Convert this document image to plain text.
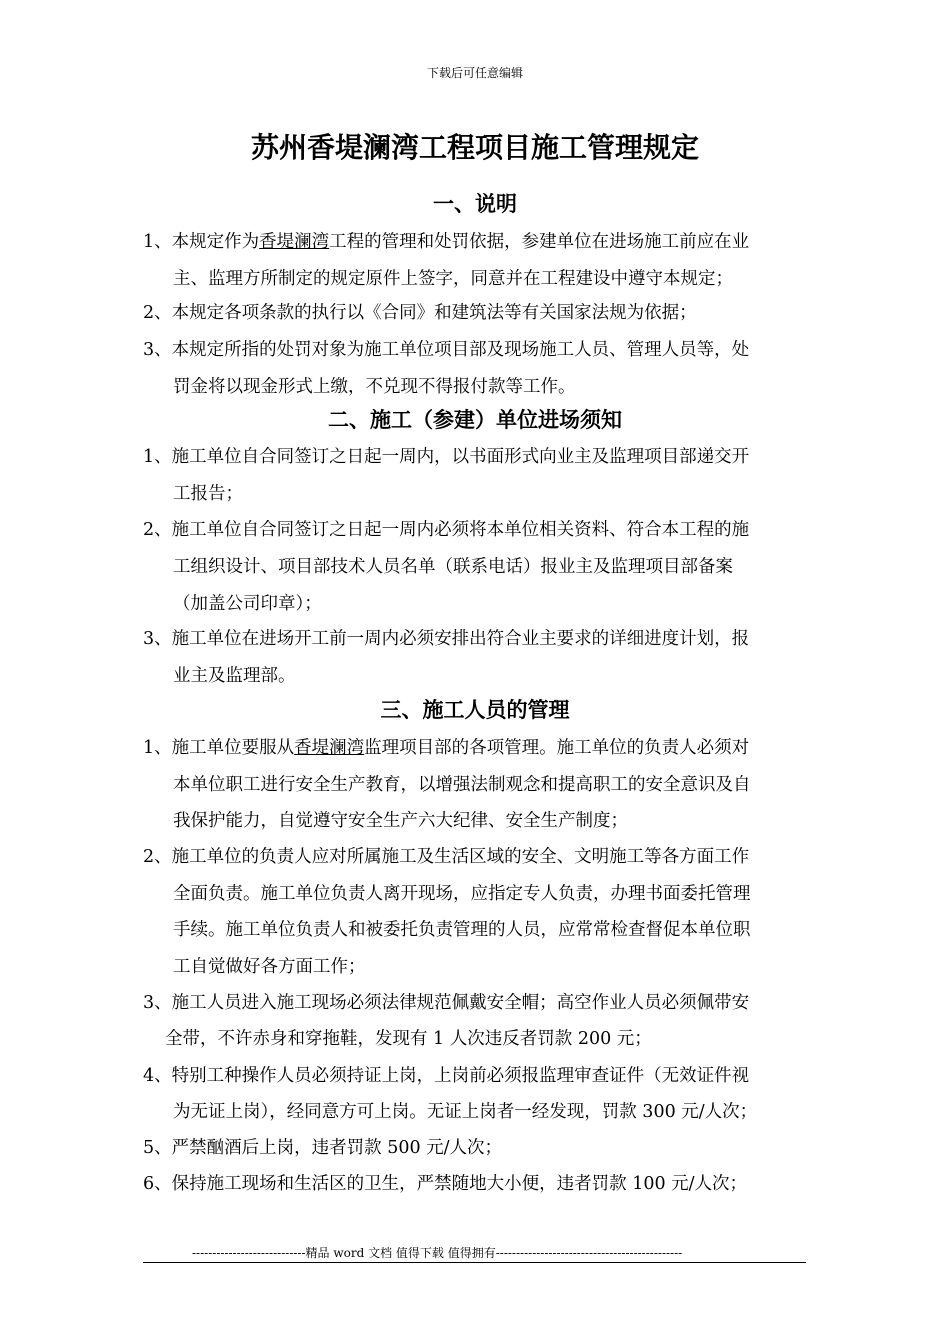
下载后可任意编辑
苏州香堤澜湾工程项目施工管理规定
一、说明
1、本规定作为香堤澜湾工程的管理和处罚依据，参建单位在进场施工前应在业
主、监理方所制定的规定原件上签字，同意并在工程建设中遵守本规定；
2、本规定各项条款的执行以《合同》和建筑法等有关国家法规为依据；
3、本规定所指的处罚对象为施工单位项目部及现场施工人员、管理人员等，处
罚金将以现金形式上缴，不兑现不得报付款等工作。
二、施工（参建）单位进场须知
1、施工单位自合同签订之日起一周内，以书面形式向业主及监理项目部递交开
工报告；
2、施工单位自合同签订之日起一周内必须将本单位相关资料、符合本工程的施
工组织设计、项目部技术人员名单（联系电话）报业主及监理项目部备案
（加盖公司印章）；
3、施工单位在进场开工前一周内必须安排出符合业主要求的详细进度计划，报
业主及监理部。
三、施工人员的管理
1、施工单位要服从香堤澜湾监理项目部的各项管理。施工单位的负责人必须对
本单位职工进行安全生产教育，以增强法制观念和提高职工的安全意识及自
我保护能力，自觉遵守安全生产六大纪律、安全生产制度；
2、施工单位的负责人应对所属施工及生活区域的安全、文明施工等各方面工作
全面负责。施工单位负责人离开现场，应指定专人负责，办理书面委托管理
手续。施工单位负责人和被委托负责管理的人员，应常常检查督促本单位职
工自觉做好各方面工作；
3、施工人员进入施工现场必须法律规范佩戴安全帽；高空作业人员必须佩带安
全带，不许赤身和穿拖鞋，发现有 1 人次违反者罚款 200 元；
4、特别工种操作人员必须持证上岗，上岗前必须报监理审查证件（无效证件视
为无证上岗），经同意方可上岗。无证上岗者一经发现，罚款 300 元/人次；
5、严禁酗酒后上岗，违者罚款 500 元/人次；
6、保持施工现场和生活区的卫生，严禁随地大小便，违者罚款 100 元/人次；
----------------------------精品 word 文档 值得下载 值得拥有----------------------------------------------
